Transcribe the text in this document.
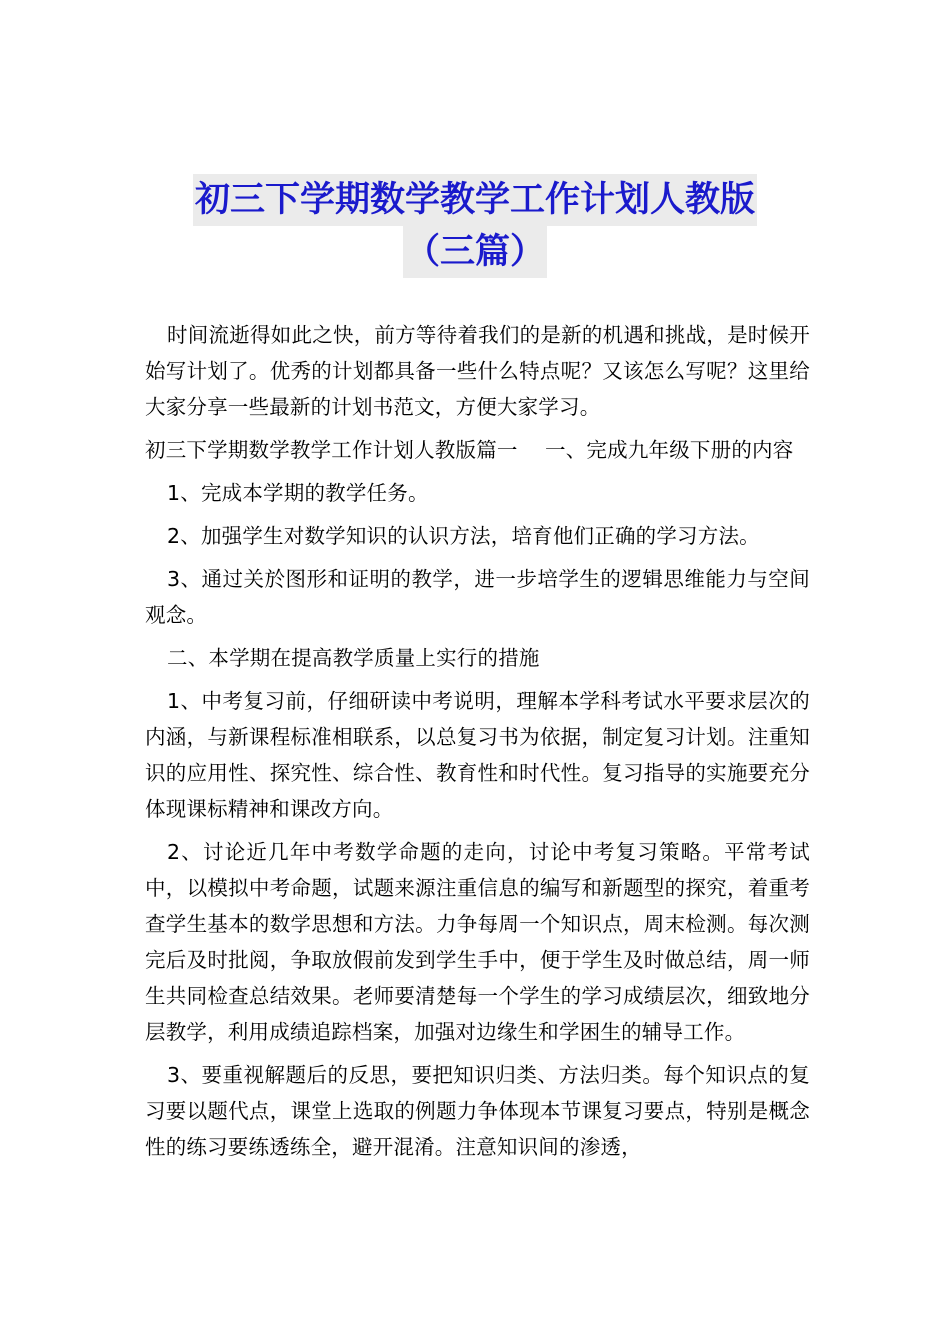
初三下学期数学教学工作计划人教版
（三篇）

时间流逝得如此之快，前方等待着我们的是新的机遇和挑战，是时候开始写计划了。优秀的计划都具备一些什么特点呢？又该怎么写呢？这里给大家分享一些最新的计划书范文，方便大家学习。

初三下学期数学教学工作计划人教版篇一　 一、完成九年级下册的内容

1、完成本学期的教学任务。

2、加强学生对数学知识的认识方法，培育他们正确的学习方法。

3、通过关於图形和证明的教学，进一步培学生的逻辑思维能力与空间观念。

二、本学期在提高教学质量上实行的措施

1、中考复习前，仔细研读中考说明，理解本学科考试水平要求层次的内涵，与新课程标准相联系，以总复习书为依据，制定复习计划。注重知识的应用性、探究性、综合性、教育性和时代性。复习指导的实施要充分体现课标精神和课改方向。

2、讨论近几年中考数学命题的走向，讨论中考复习策略。平常考试中，以模拟中考命题，试题来源注重信息的编写和新题型的探究，着重考查学生基本的数学思想和方法。力争每周一个知识点，周末检测。每次测完后及时批阅，争取放假前发到学生手中，便于学生及时做总结，周一师生共同检查总结效果。老师要清楚每一个学生的学习成绩层次，细致地分层教学，利用成绩追踪档案，加强对边缘生和学困生的辅导工作。

3、要重视解题后的反思，要把知识归类、方法归类。每个知识点的复习要以题代点，课堂上选取的例题力争体现本节课复习要点，特别是概念性的练习要练透练全，避开混淆。注意知识间的渗透，
